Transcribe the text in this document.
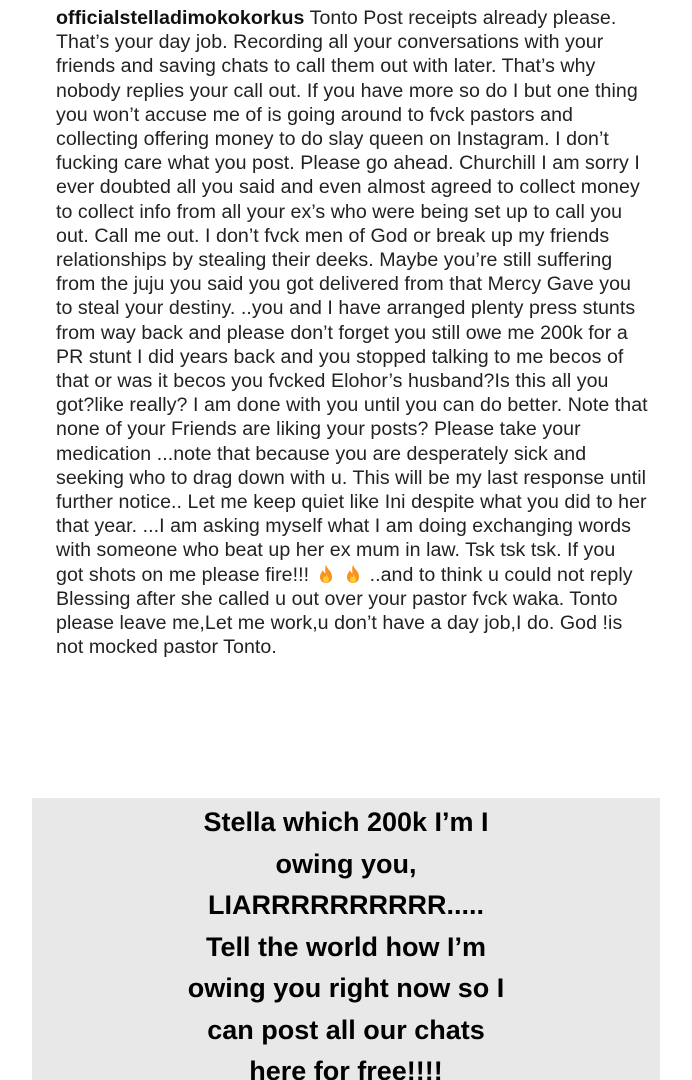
officialstelladimokokorkus Tonto Post receipts already please. That’s your day job. Recording all your conversations with your friends and saving chats to call them out with later. That’s why nobody replies your call out. If you have more so do I but one thing you won’t accuse me of is going around to fvck pastors and collecting offering money to do slay queen on Instagram. I don’t fucking care what you post. Please go ahead. Churchill I am sorry I ever doubted all you said and even almost agreed to collect money to collect info from all your ex’s who were being set up to call you out. Call me out. I don’t fvck men of God or break up my friends relationships by stealing their deeks. Maybe you’re still suffering from the juju you said you got delivered from that Mercy Gave you to steal your destiny. ..you and I have arranged plenty press stunts from way back and please don’t forget you still owe me 200k for a PR stunt I did years back and you stopped talking to me becos of that or was it becos you fvcked Elohor’s husband?Is this all you got?like really? I am done with you until you can do better. Note that none of your Friends are liking your posts? Please take your medication ...note that because you are desperately sick and seeking who to drag down with u. This will be my last response until further notice.. Let me keep quiet like Ini despite what you did to her that year. ...I am asking myself what I am doing exchanging words with someone who beat up her ex mum in law. Tsk tsk tsk. If you got shots on me please fire!!!	..and to think u could not reply Blessing after she called u out over your pastor fvck waka. Tonto please leave me,Let me work,u don’t have a day job,I do. God !is not mocked pastor Tonto.
Stella which 200k I’m I
owing you,
LIARRRRRRRRRR.....
Tell the world how I’m
owing you right now so I
can post all our chats
here for free!!!!
